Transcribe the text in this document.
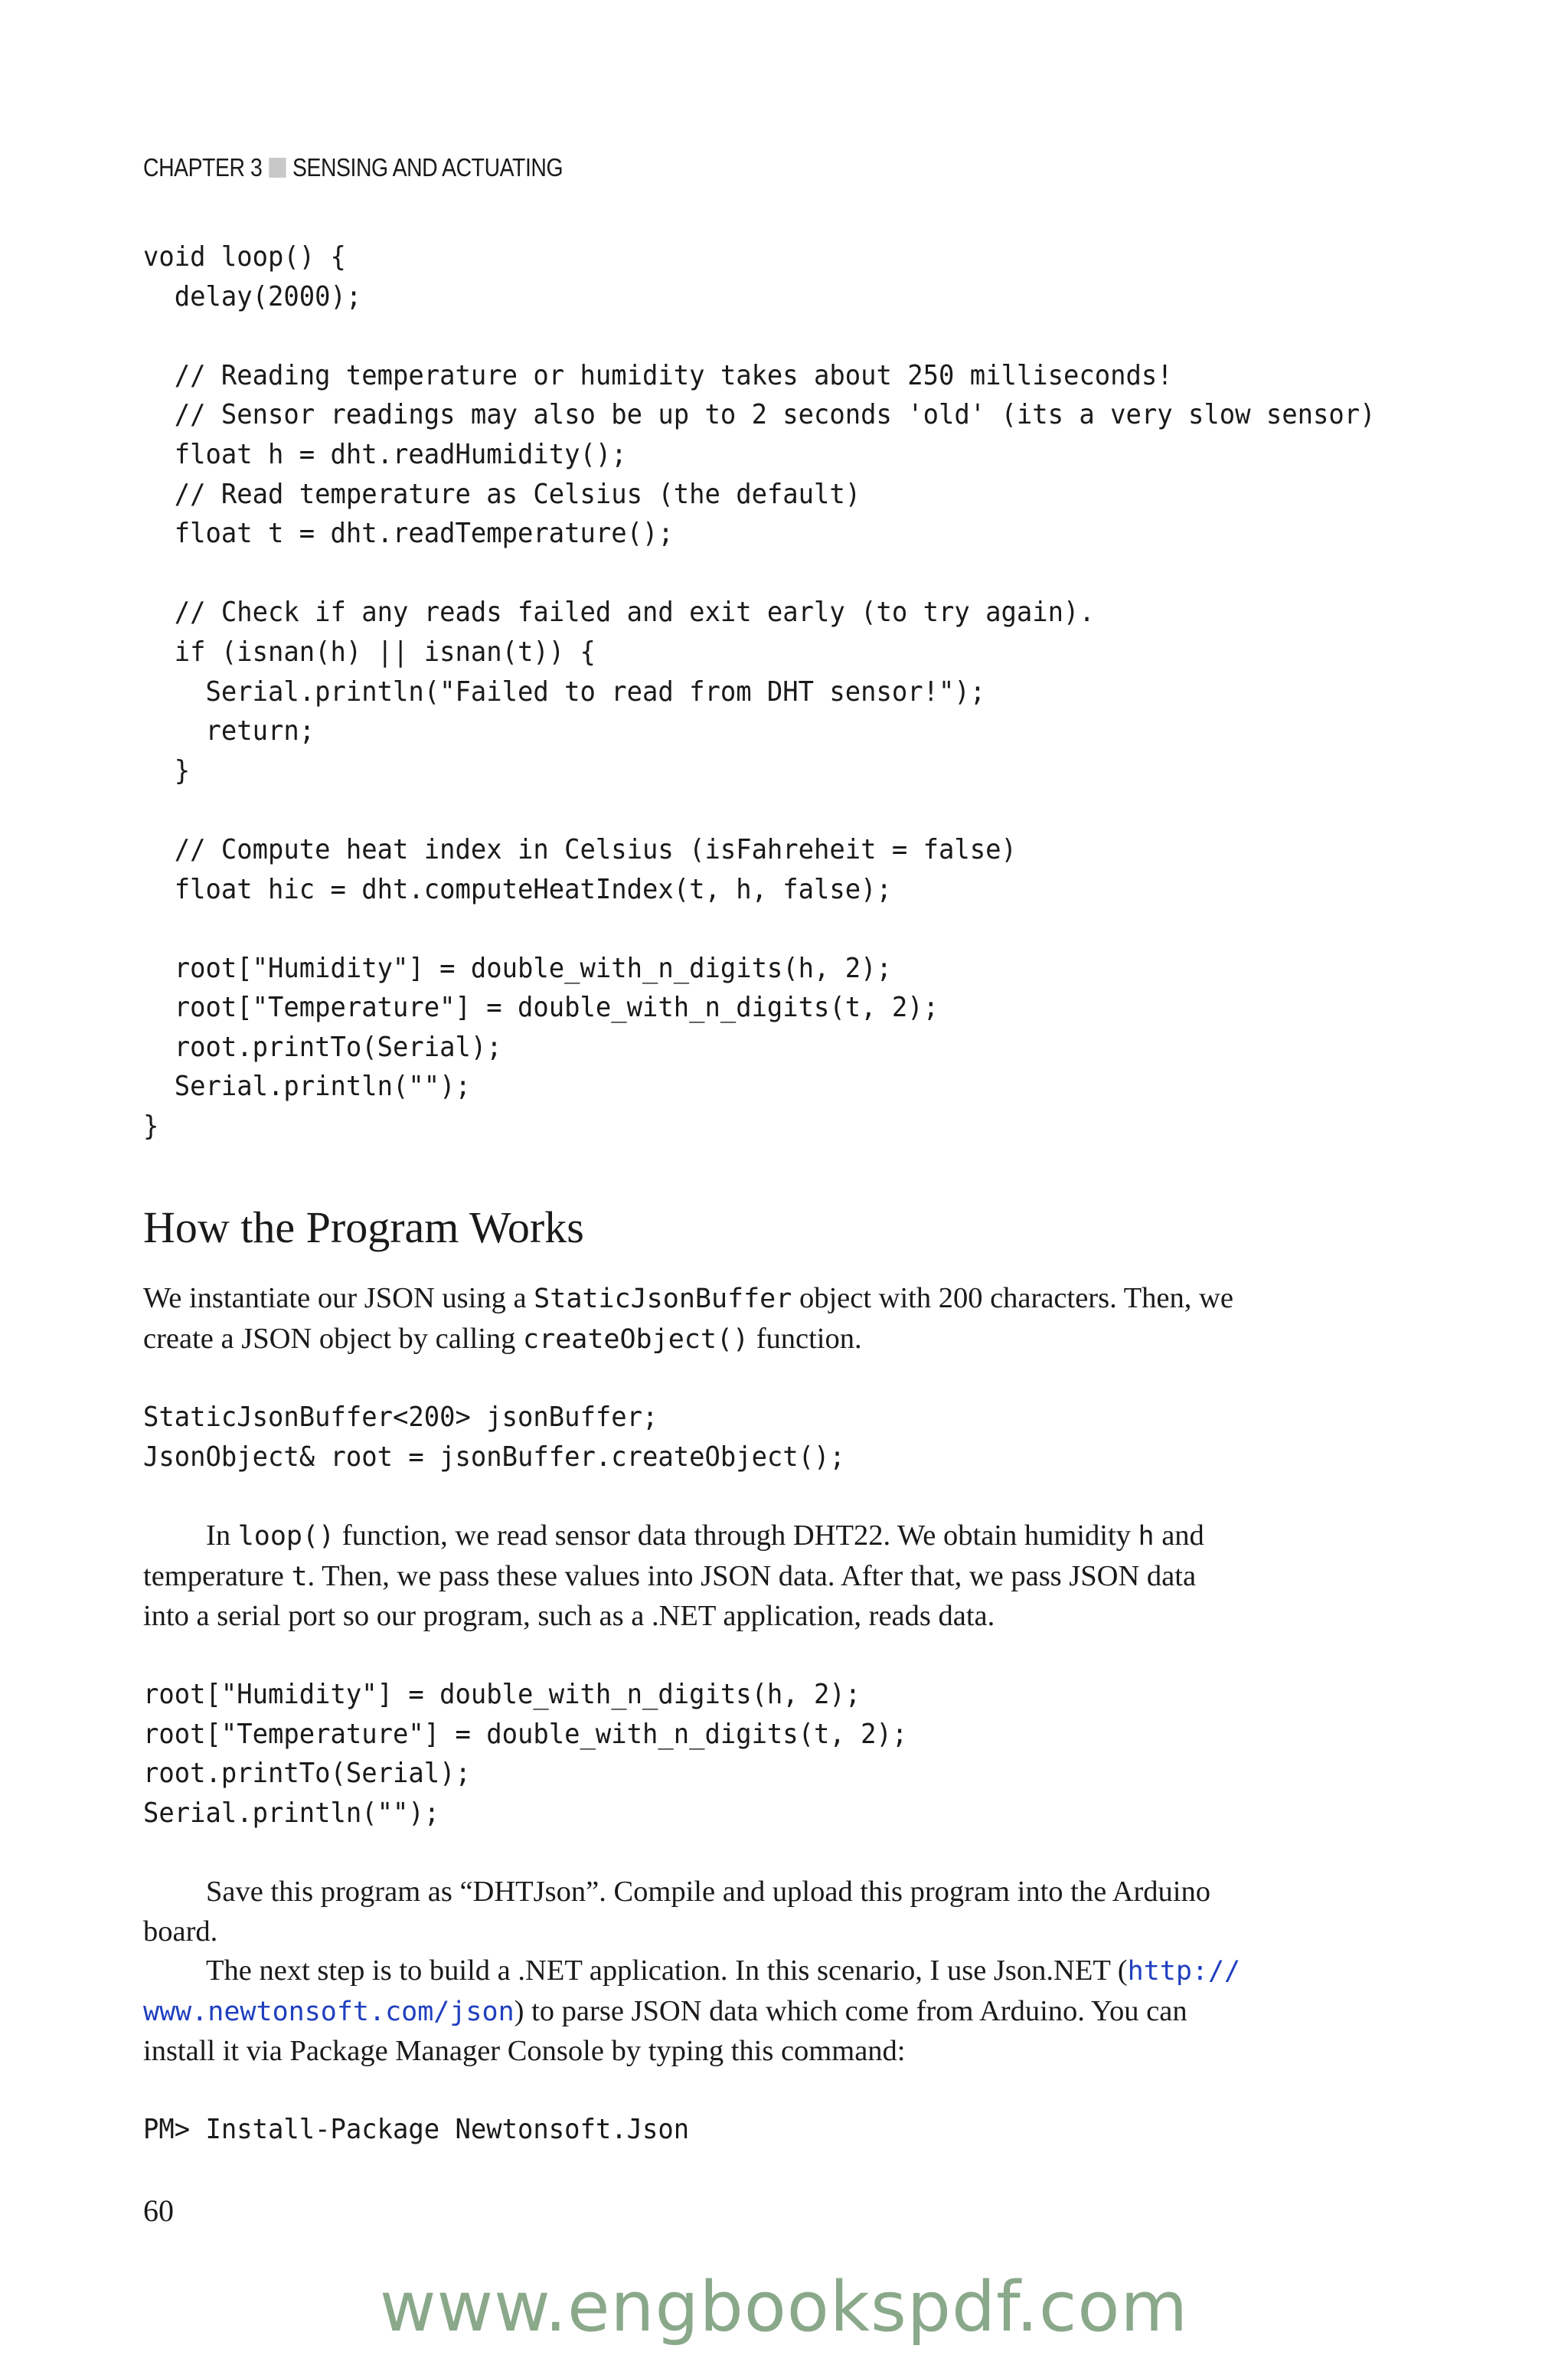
CHAPTER 3 SENSING AND ACTUATING
void loop() {
delay(2000);
// Reading temperature or humidity takes about 250 milliseconds!
// Sensor readings may also be up to 2 seconds 'old' (its a very slow sensor)
float h = dht.readHumidity();
// Read temperature as Celsius (the default)
float t = dht.readTemperature();
// Check if any reads failed and exit early (to try again).
if (isnan(h) || isnan(t)) {
Serial.println("Failed to read from DHT sensor!");
return;
}
// Compute heat index in Celsius (isFahreheit = false)
float hic = dht.computeHeatIndex(t, h, false);
root["Humidity"] = double_with_n_digits(h, 2);
root["Temperature"] = double_with_n_digits(t, 2);
root.printTo(Serial);
Serial.println("");
}
How the Program Works

We instantiate our JSON using a StaticJsonBuffer object with 200 characters. Then, we
create a JSON object by calling createObject() function.

StaticJsonBuffer<200> jsonBuffer;
JsonObject& root = jsonBuffer.createObject();

In loop() function, we read sensor data through DHT22. We obtain humidity h and
temperature t. Then, we pass these values into JSON data. After that, we pass JSON data
into a serial port so our program, such as a .NET application, reads data.

root["Humidity"] = double_with_n_digits(h, 2);
root["Temperature"] = double_with_n_digits(t, 2);
root.printTo(Serial);
Serial.println("");

Save this program as “DHTJson”. Compile and upload this program into the Arduino
board.

The next step is to build a .NET application. In this scenario, I use Json.NET (http://
www.newtonsoft.com/json) to parse JSON data which come from Arduino. You can
install it via Package Manager Console by typing this command:

PM> Install-Package Newtonsoft.Json
60
www.engbookspdf.com
